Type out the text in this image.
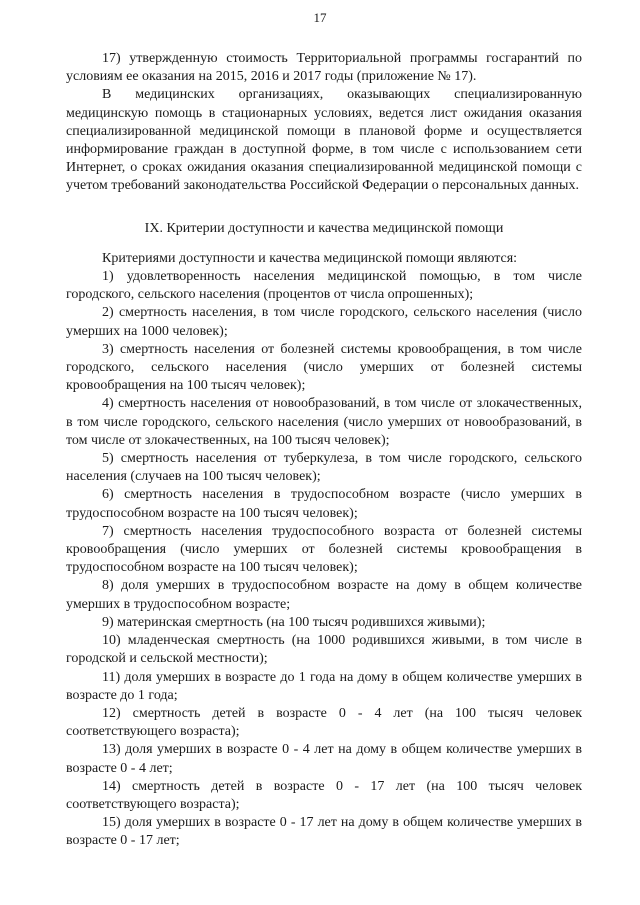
17

17) утвержденную стоимость Территориальной программы госгарантий по условиям ее оказания на 2015, 2016 и 2017 годы (приложение № 17).

В медицинских организациях, оказывающих специализированную медицинскую помощь в стационарных условиях, ведется лист ожидания оказания специализированной медицинской помощи в плановой форме и осуществляется информирование граждан в доступной форме, в том числе с использованием сети Интернет, о сроках ожидания оказания специализированной медицинской помощи с учетом требований законодательства Российской Федерации о персональных данных.

IX. Критерии доступности и качества медицинской помощи

Критериями доступности и качества медицинской помощи являются:

1) удовлетворенность населения медицинской помощью, в том числе городского, сельского населения (процентов от числа опрошенных);

2) смертность населения, в том числе городского, сельского населения (число умерших на 1000 человек);

3) смертность населения от болезней системы кровообращения, в том числе городского, сельского населения (число умерших от болезней системы кровообращения на 100 тысяч человек);

4) смертность населения от новообразований, в том числе от злокачественных, в том числе городского, сельского населения (число умерших от новообразований, в том числе от злокачественных, на 100 тысяч человек);

5) смертность населения от туберкулеза, в том числе городского, сельского населения (случаев на 100 тысяч человек);

6) смертность населения в трудоспособном возрасте (число умерших в трудоспособном возрасте на 100 тысяч человек);

7) смертность населения трудоспособного возраста от болезней системы кровообращения (число умерших от болезней системы кровообращения в трудоспособном возрасте на 100 тысяч человек);

8) доля умерших в трудоспособном возрасте на дому в общем количестве умерших в трудоспособном возрасте;

9) материнская смертность (на 100 тысяч родившихся живыми);

10) младенческая смертность (на 1000 родившихся живыми, в том числе в городской и сельской местности);

11) доля умерших в возрасте до 1 года на дому в общем количестве умерших в возрасте до 1 года;

12) смертность детей в возрасте 0 - 4 лет (на 100 тысяч человек соответствующего возраста);

13) доля умерших в возрасте 0 - 4 лет на дому в общем количестве умерших в возрасте 0 - 4 лет;

14) смертность детей в возрасте 0 - 17 лет (на 100 тысяч человек соответствующего возраста);

15) доля умерших в возрасте 0 - 17 лет на дому в общем количестве умерших в возрасте 0 - 17 лет;
